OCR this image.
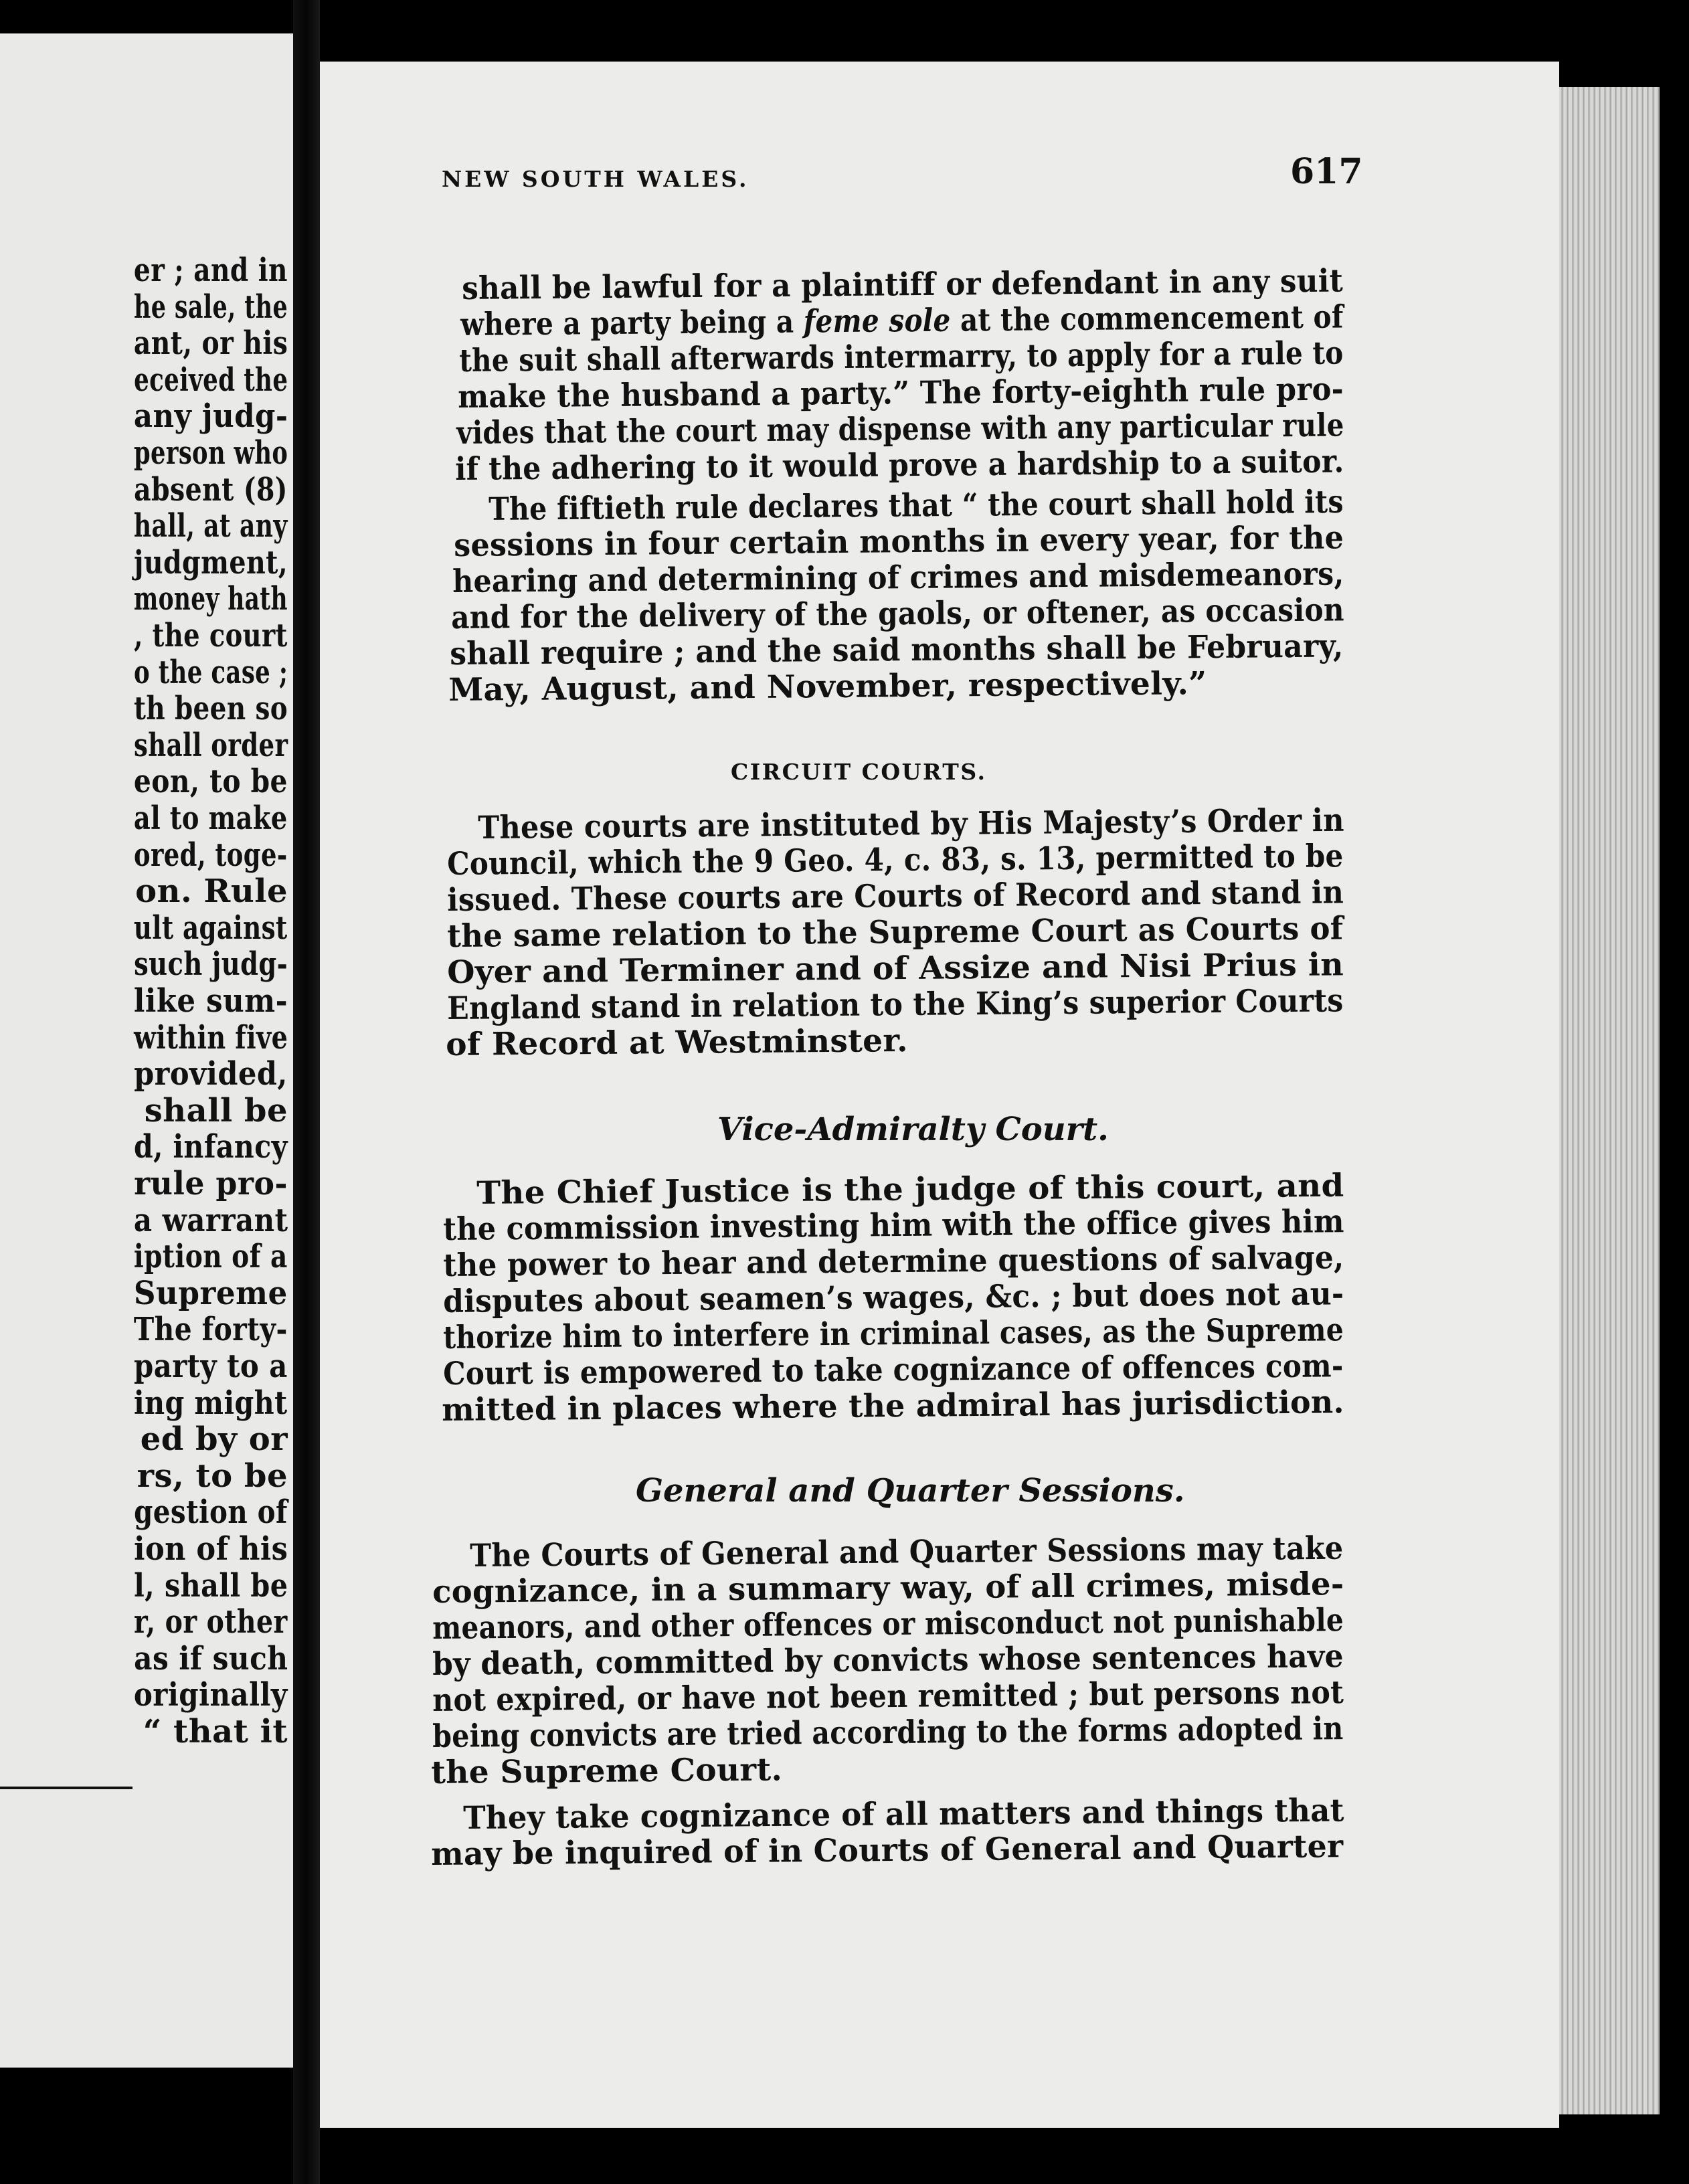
er ; and in
he sale, the
ant, or his
eceived the
any judg-
person who
absent (8)
hall, at any
judgment,
money hath
, the court
o the case ;
th been so
shall order
eon, to be
al to make
ored, toge-
on. Rule
ult against
such judg-
like sum-
within five
provided,
shall be
d, infancy
rule pro-
a warrant
iption of a
Supreme
The forty-
party to a
ing might
ed by or
rs, to be
gestion of
ion of his
l, shall be
r, or other
as if such
originally
“ that it
NEW SOUTH WALES.	617
shall be lawful for a plaintiff or defendant in any suit
where a party being a feme sole at the commencement of
the suit shall afterwards intermarry, to apply for a rule to
make the husband a party.” The forty-eighth rule pro-
vides that the court may dispense with any particular rule
if the adhering to it would prove a hardship to a suitor.
The fiftieth rule declares that “ the court shall hold its
sessions in four certain months in every year, for the
hearing and determining of crimes and misdemeanors,
and for the delivery of the gaols, or oftener, as occasion
shall require ; and the said months shall be February,
May, August, and November, respectively.”
CIRCUIT COURTS.
These courts are instituted by His Majesty’s Order in
Council, which the 9 Geo. 4, c. 83, s. 13, permitted to be
issued. These courts are Courts of Record and stand in
the same relation to the Supreme Court as Courts of
Oyer and Terminer and of Assize and Nisi Prius in
England stand in relation to the King’s superior Courts
of Record at Westminster.
Vice-Admiralty Court.
The Chief Justice is the judge of this court, and
the commission investing him with the office gives him
the power to hear and determine questions of salvage,
disputes about seamen’s wages, &c. ; but does not au-
thorize him to interfere in criminal cases, as the Supreme
Court is empowered to take cognizance of offences com-
mitted in places where the admiral has jurisdiction.
General and Quarter Sessions.
The Courts of General and Quarter Sessions may take
cognizance, in a summary way, of all crimes, misde-
meanors, and other offences or misconduct not punishable
by death, committed by convicts whose sentences have
not expired, or have not been remitted ; but persons not
being convicts are tried according to the forms adopted in
the Supreme Court.
They take cognizance of all matters and things that
may be inquired of in Courts of General and Quarter
